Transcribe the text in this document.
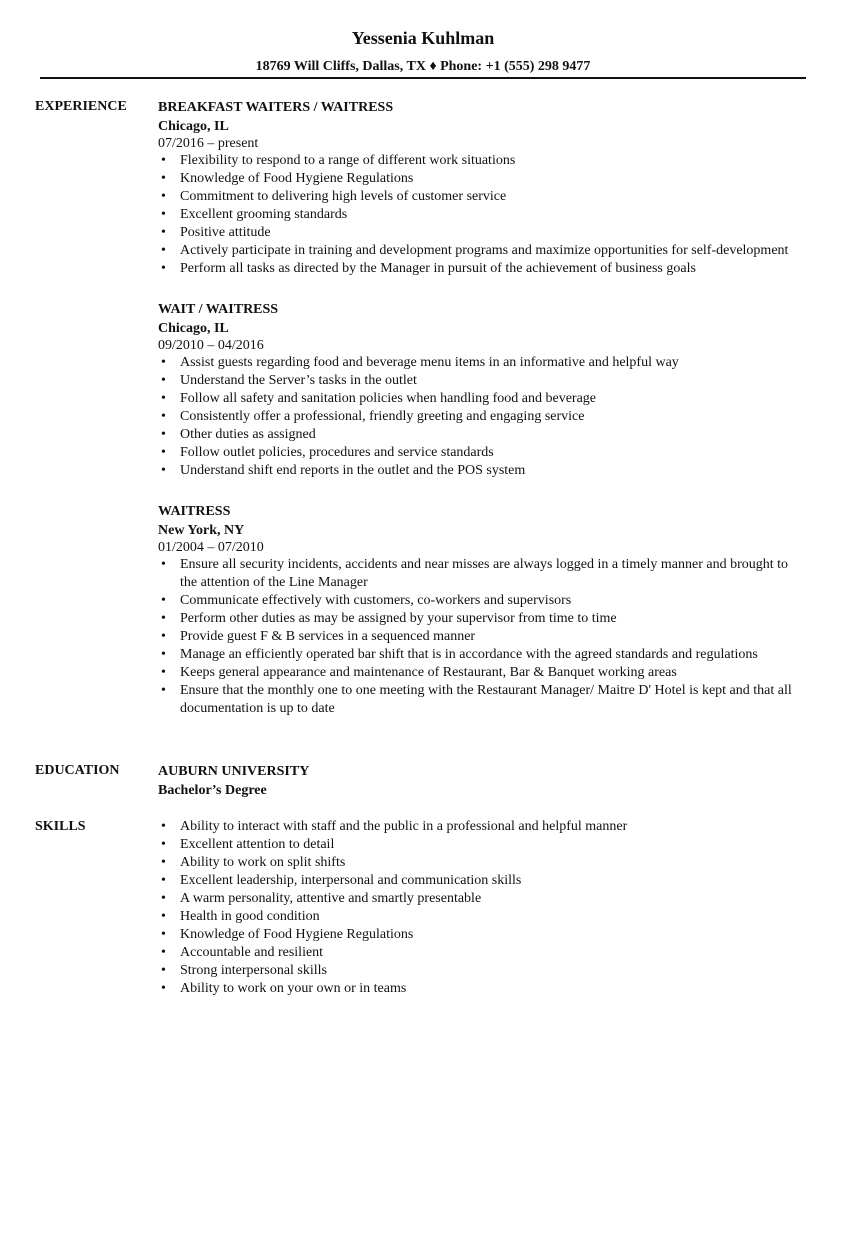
Yessenia Kuhlman
18769 Will Cliffs, Dallas, TX ♦ Phone: +1 (555) 298 9477
EXPERIENCE BREAKFAST WAITERS / WAITRESS
Chicago, IL
07/2016 – present
• Flexibility to respond to a range of different work situations
• Knowledge of Food Hygiene Regulations
• Commitment to delivering high levels of customer service
• Excellent grooming standards
• Positive attitude
• Actively participate in training and development programs and maximize opportunities for self-development
• Perform all tasks as directed by the Manager in pursuit of the achievement of business goals
WAIT / WAITRESS
Chicago, IL
09/2010 – 04/2016
• Assist guests regarding food and beverage menu items in an informative and helpful way
• Understand the Server’s tasks in the outlet
• Follow all safety and sanitation policies when handling food and beverage
• Consistently offer a professional, friendly greeting and engaging service
• Other duties as assigned
• Follow outlet policies, procedures and service standards
• Understand shift end reports in the outlet and the POS system
WAITRESS
New York, NY
01/2004 – 07/2010
• Ensure all security incidents, accidents and near misses are always logged in a timely manner and brought to the attention of the Line Manager
• Communicate effectively with customers, co-workers and supervisors
• Perform other duties as may be assigned by your supervisor from time to time
• Provide guest F & B services in a sequenced manner
• Manage an efficiently operated bar shift that is in accordance with the agreed standards and regulations
• Keeps general appearance and maintenance of Restaurant, Bar & Banquet working areas
• Ensure that the monthly one to one meeting with the Restaurant Manager/ Maitre D' Hotel is kept and that all documentation is up to date
EDUCATION	AUBURN UNIVERSITY
Bachelor’s Degree
SKILLS	• Ability to interact with staff and the public in a professional and helpful manner
• Excellent attention to detail
• Ability to work on split shifts
• Excellent leadership, interpersonal and communication skills
• A warm personality, attentive and smartly presentable
• Health in good condition
• Knowledge of Food Hygiene Regulations
• Accountable and resilient
• Strong interpersonal skills
• Ability to work on your own or in teams
